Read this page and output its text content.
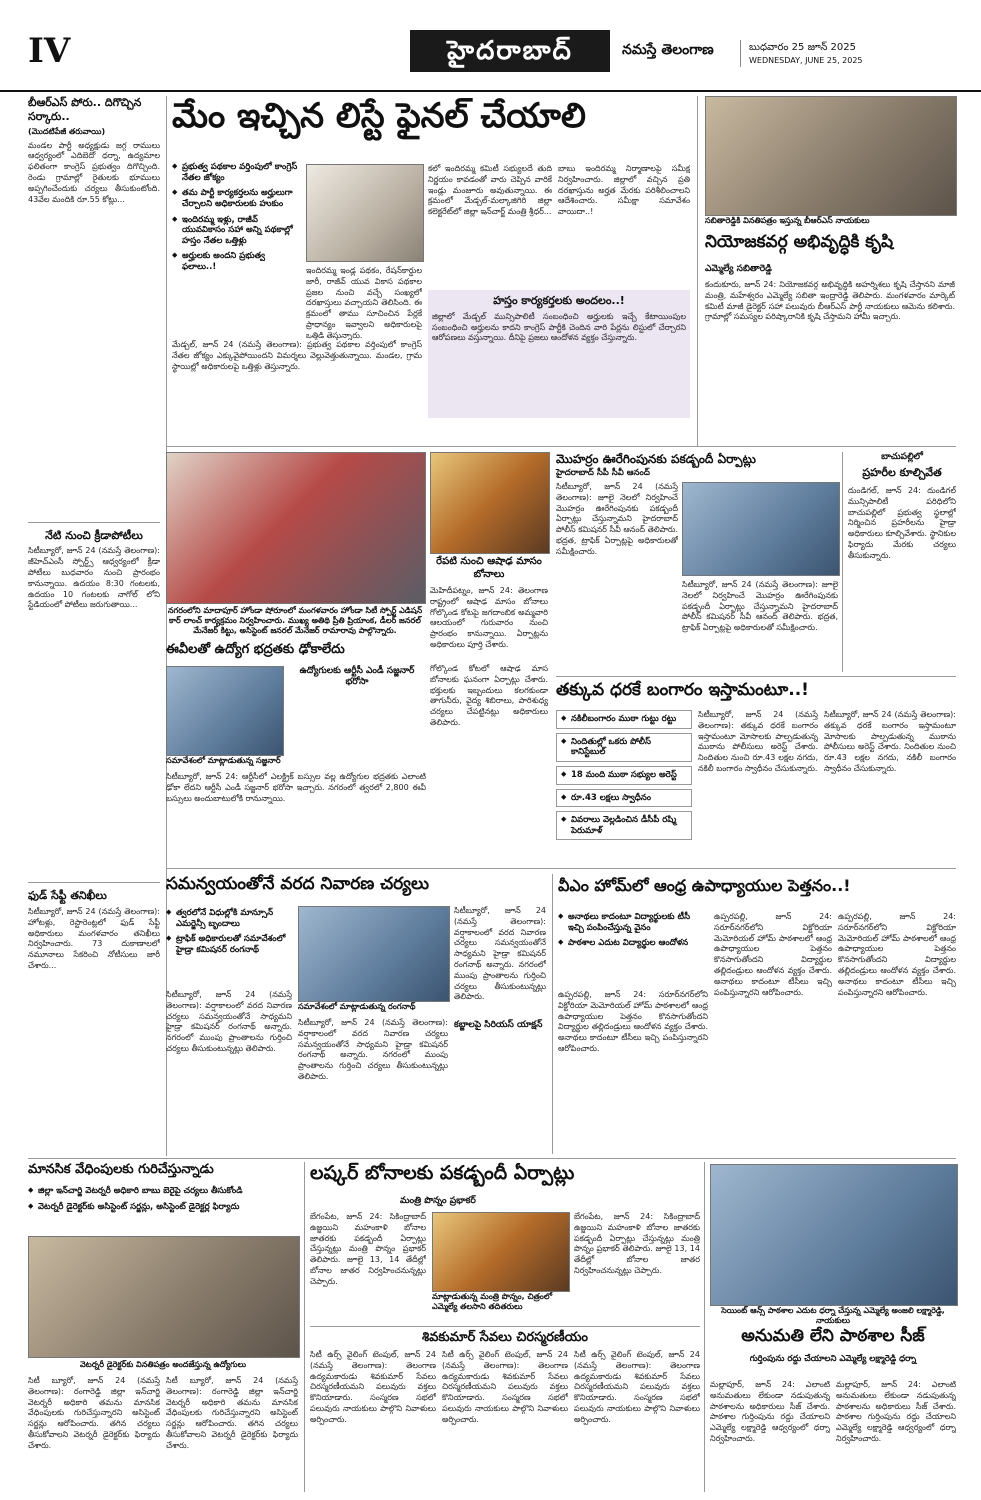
IV	హైదరాబాద్	నమస్తే తెలంగాణ	బుధవారం 25 జూన్ 2025
WEDNESDAY, JUNE 25, 2025
బీఆర్ఎస్ పోరు.. దిగొచ్చిన సర్కారు..
(మొదటిపేజీ తరువాయి)
మండల పార్టీ అధ్యక్షుడు జగ్గ రాములు ఆధ్వర్యంలో ఎదిబెదో ధర్నా, ఉద్యమాల ఫలితంగా కాంగ్రెస్ ప్రభుత్వం దిగొచ్చింది. రెండు గ్రామాల్లో రైతులకు భూములు అప్పగించేందుకు చర్యలు తీసుకుంటోంది. 43వేల మందికి రూ.55 కోట్లు...
నేటి నుంచి క్రీడాపోటీలు
సిటీబ్యూరో, జూన్ 24 (నమస్తే తెలంగాణ): జీహెచ్ఎంసీ స్పోర్ట్స్ ఆధ్వర్యంలో క్రీడా పోటీలు బుధవారం నుంచి ప్రారంభం కానున్నాయి. ఉదయం 8:30 గంటలకు, ఉదయం 10 గంటలకు నాగోల్ లోని స్టేడియంలో పోటీలు జరుగుతాయి...
ఫుడ్ సేఫ్టీ తనిఖీలు
సిటీబ్యూరో, జూన్ 24 (నమస్తే తెలంగాణ): హోటళ్లు, రెస్టారెంట్లలో ఫుడ్ సేఫ్టీ అధికారులు మంగళవారం తనిఖీలు నిర్వహించారు. 73 దుకాణాలలో నమూనాలు సేకరించి నోటీసులు జారీ చేశారు...
మేం ఇచ్చిన లిస్టే ఫైనల్ చేయాలి
◆ ప్రభుత్వ పథకాల వర్తింపులో కాంగ్రెస్ నేతల జోక్యం
◆ తమ పార్టీ కార్యకర్తలను అర్హులుగా చేర్చాలని అధికారులకు హుకుం
◆ ఇందిరమ్మ ఇళ్లు, రాజీవ్ యువవికాసం సహా అన్ని పథకాల్లో హస్తం నేతల ఒత్తిళ్లు
◆ అర్హులకు అందని ప్రభుత్వ ఫలాలు..!	ఇందిరమ్మ ఇండ్ల పథకం, రేషన్‌కార్డుల జారీ, రాజీవ్ యువ వికాస పథకాల ప్రజల నుంచి వచ్చే సంఖ్యలో దరఖాస్తులు వచ్చాయని తెలిసింది. ఈ క్రమంలో తాము సూచించిన పేర్లకే ప్రాధాన్యం ఇవ్వాలని అధికారులపై ఒత్తిడి తెస్తున్నారు.
మేడ్చల్, జూన్ 24 (నమస్తే తెలంగాణ): ప్రభుత్వ పథకాల వర్తింపులో కాంగ్రెస్ నేతల జోక్యం ఎక్కువైపోయిందని విమర్శలు వెల్లువెత్తుతున్నాయి. మండల, గ్రామ స్థాయిల్లో అధికారులపై ఒత్తిళ్లు తెస్తున్నారు.
కలో ఇందిరమ్మ కమిటీ సభ్యులదే తుది నిర్ణయం కావడంతో వారు చెప్పిన వారికే ఇండ్లు మంజూరు అవుతున్నాయి. ఈ క్రమంలో మేడ్చల్-మల్కాజిగిరి జిల్లా కలెక్టరేట్‌లో జిల్లా ఇన్‌చార్జ్ మంత్రి శ్రీధర్...
బాబు ఇందిరమ్మ నిర్మాణాలపై సమీక్ష నిర్వహించారు. జిల్లాలో వచ్చిన ప్రతి దరఖాస్తును అర్హత మేరకు పరిశీలించాలని ఆదేశించారు. సమీక్షా సమావేశం వాయిదా..!
హస్తం కార్యకర్తలకు అందలం..!
జిల్లాలో మేడ్చల్ మున్సిపాలిటీ సంబంధించి అర్హులకు ఇచ్చే కేటాయింపుల సంబంధించి అర్హులను కాదని కాంగ్రెస్ పార్టీకి చెందిన వారి పేర్లను లిస్టులో చేర్చారని ఆరోపణలు వస్తున్నాయి. దీనిపై ప్రజలు ఆందోళన వ్యక్తం చేస్తున్నారు.
సబితారెడ్డికి వినతిపత్రం ఇస్తున్న బీఆర్ఎస్ నాయకులు
నియోజకవర్గ అభివృద్ధికి కృషి
ఎమ్మెల్యే సబితారెడ్డి
కందుకూరు, జూన్ 24: నియోజకవర్గ అభివృద్ధికి అహర్నిశలు కృషి చేస్తానని మాజీ మంత్రి, మహేశ్వరం ఎమ్మెల్యే సబితా ఇంద్రారెడ్డి తెలిపారు. మంగళవారం మార్కెట్ కమిటీ మాజీ డైరెక్టర్ సహా పలువురు బీఆర్ఎస్ పార్టీ నాయకులు ఆమెను కలిశారు. గ్రామాల్లో సమస్యల పరిష్కారానికి కృషి చేస్తామని హామీ ఇచ్చారు.
నగరంలోని మాదాపూర్ హోండా షోరూంలో మంగళవారం హోండా సిటీ స్పోర్ట్ ఎడిషన్ కార్ లాంచ్ కార్యక్రమం నిర్వహించారు. ముఖ్య అతిథి ప్రీతి ప్రియాంక, డీలర్ జనరల్ మేనేజర్ కిట్టు, అసిస్టెంట్ జనరల్ మేనేజర్ రామారావు పాల్గొన్నారు.
రేపటి నుంచి ఆషాఢ మాసం బోనాలు
మెహిదీపట్నం, జూన్ 24: తెలంగాణ రాష్ట్రంలో ఆషాఢ మాసం బోనాలు గోల్కొండ కోటపై జగదాంబిక అమ్మవారి ఆలయంలో గురువారం నుంచి ప్రారంభం కానున్నాయి. ఏర్పాట్లను అధికారులు పూర్తి చేశారు.
మొహర్రం ఊరేగింపునకు పకడ్బందీ ఏర్పాట్లు
హైదరాబాద్ సీపీ సీవీ ఆనంద్
సిటీబ్యూరో, జూన్ 24 (నమస్తే తెలంగాణ): జూలై నెలలో నిర్వహించే మొహర్రం ఊరేగింపునకు పకడ్బందీ ఏర్పాట్లు చేస్తున్నామని హైదరాబాద్ పోలీస్ కమిషనర్ సీవీ ఆనంద్ తెలిపారు. భద్రత, ట్రాఫిక్ ఏర్పాట్లపై అధికారులతో సమీక్షించారు.
సిటీబ్యూరో, జూన్ 24 (నమస్తే తెలంగాణ): జూలై నెలలో నిర్వహించే మొహర్రం ఊరేగింపునకు పకడ్బందీ ఏర్పాట్లు చేస్తున్నామని హైదరాబాద్ పోలీస్ కమిషనర్ సీవీ ఆనంద్ తెలిపారు. భద్రత, ట్రాఫిక్ ఏర్పాట్లపై అధికారులతో సమీక్షించారు.
బాచుపల్లిలో
ప్రహరీల కూల్చివేత
దుండిగల్, జూన్ 24: దుండిగల్ మున్సిపాలిటీ పరిధిలోని బాచుపల్లిలో ప్రభుత్వ స్థలాల్లో నిర్మించిన ప్రహరీలను హైడ్రా అధికారులు కూల్చివేశారు. స్థానికుల ఫిర్యాదు మేరకు చర్యలు తీసుకున్నారు.
ఈవీలతో ఉద్యోగ భద్రతకు ఢోకాలేదు
సమావేశంలో మాట్లాడుతున్న సజ్జనార్
ఉద్యోగులకు ఆర్టీసీ ఎండీ సజ్జనార్ భరోసా
సిటీబ్యూరో, జూన్ 24: ఆర్టీసీలో ఎలక్ట్రిక్ బస్సుల వల్ల ఉద్యోగుల భద్రతకు ఎలాంటి ఢోకా లేదని ఆర్టీసీ ఎండీ సజ్జనార్ భరోసా ఇచ్చారు. నగరంలో త్వరలో 2,800 ఈవీ బస్సులు అందుబాటులోకి రానున్నాయి.
గోల్కొండ కోటలో ఆషాఢ మాస బోనాలకు ఘనంగా ఏర్పాట్లు చేశారు. భక్తులకు ఇబ్బందులు కలగకుండా తాగునీరు, వైద్య శిబిరాలు, పారిశుధ్య చర్యలు చేపట్టినట్లు అధికారులు తెలిపారు.
తక్కువ ధరకే బంగారం ఇస్తామంటూ..!
◆ నకిలీబంగారం ముఠా గుట్టు రట్టు
◆ నిందితుల్లో ఒకరు పోలీస్ కానిస్టేబుల్
◆ 18 మంది ముఠా సభ్యుల అరెస్ట్
◆ రూ.43 లక్షలు స్వాధీనం
◆ వివరాలు వెల్లడించిన డీసీపీ రష్మి పెరుమాళ్
సిటీబ్యూరో, జూన్ 24 (నమస్తే తెలంగాణ): తక్కువ ధరకే బంగారం ఇస్తామంటూ మోసాలకు పాల్పడుతున్న ముఠాను పోలీసులు అరెస్ట్ చేశారు. నిందితుల నుంచి రూ.43 లక్షల నగదు, నకిలీ బంగారం స్వాధీనం చేసుకున్నారు.
సిటీబ్యూరో, జూన్ 24 (నమస్తే తెలంగాణ): తక్కువ ధరకే బంగారం ఇస్తామంటూ మోసాలకు పాల్పడుతున్న ముఠాను పోలీసులు అరెస్ట్ చేశారు. నిందితుల నుంచి రూ.43 లక్షల నగదు, నకిలీ బంగారం స్వాధీనం చేసుకున్నారు.
సమన్వయంతోనే వరద నివారణ చర్యలు
◆ త్వరలోనే విధుల్లోకి మాన్సూన్ ఎమర్జెన్సీ బృందాలు
◆ ట్రాఫిక్ అధికారులతో సమావేశంలో హైడ్రా కమిషనర్ రంగనాథ్
సమావేశంలో మాట్లాడుతున్న రంగనాథ్
సిటీబ్యూరో, జూన్ 24 (నమస్తే తెలంగాణ): వర్షాకాలంలో వరద నివారణ చర్యలు సమన్వయంతోనే సాధ్యమని హైడ్రా కమిషనర్ రంగనాథ్ అన్నారు. నగరంలో ముంపు ప్రాంతాలను గుర్తించి చర్యలు తీసుకుంటున్నట్లు తెలిపారు.
సిటీబ్యూరో, జూన్ 24 (నమస్తే తెలంగాణ): వర్షాకాలంలో వరద నివారణ చర్యలు సమన్వయంతోనే సాధ్యమని హైడ్రా కమిషనర్ రంగనాథ్ అన్నారు. నగరంలో ముంపు ప్రాంతాలను గుర్తించి చర్యలు తీసుకుంటున్నట్లు తెలిపారు.
సిటీబ్యూరో, జూన్ 24 (నమస్తే తెలంగాణ): వర్షాకాలంలో వరద నివారణ చర్యలు సమన్వయంతోనే సాధ్యమని హైడ్రా కమిషనర్ రంగనాథ్ అన్నారు. నగరంలో ముంపు ప్రాంతాలను గుర్తించి చర్యలు తీసుకుంటున్నట్లు తెలిపారు.
కబ్జాలపై సిరియస్ యాక్షన్
వీఎం హోమ్‌లో ఆంధ్ర ఉపాధ్యాయుల పెత్తనం..!
◆ అనాథలు కాదంటూ విద్యార్థులకు టీసీ ఇచ్చి పంపించేస్తున్న వైనం
◆ పాఠశాల ఎదుట విద్యార్థుల ఆందోళన
ఉప్పరపల్లి, జూన్ 24: సరూర్‌నగర్‌లోని విక్టోరియా మెమోరియల్ హోమ్ పాఠశాలలో ఆంధ్ర ఉపాధ్యాయుల పెత్తనం కొనసాగుతోందని విద్యార్థుల తల్లిదండ్రులు ఆందోళన వ్యక్తం చేశారు. అనాథలు కాదంటూ టీసీలు ఇచ్చి పంపిస్తున్నారని ఆరోపించారు.
ఉప్పరపల్లి, జూన్ 24: సరూర్‌నగర్‌లోని విక్టోరియా మెమోరియల్ హోమ్ పాఠశాలలో ఆంధ్ర ఉపాధ్యాయుల పెత్తనం కొనసాగుతోందని విద్యార్థుల తల్లిదండ్రులు ఆందోళన వ్యక్తం చేశారు. అనాథలు కాదంటూ టీసీలు ఇచ్చి పంపిస్తున్నారని ఆరోపించారు.
ఉప్పరపల్లి, జూన్ 24: సరూర్‌నగర్‌లోని విక్టోరియా మెమోరియల్ హోమ్ పాఠశాలలో ఆంధ్ర ఉపాధ్యాయుల పెత్తనం కొనసాగుతోందని విద్యార్థుల తల్లిదండ్రులు ఆందోళన వ్యక్తం చేశారు. అనాథలు కాదంటూ టీసీలు ఇచ్చి పంపిస్తున్నారని ఆరోపించారు.
మానసిక వేధింపులకు గురిచేస్తున్నాడు
◆ జిల్లా ఇన్‌చార్జి వెటర్నరీ అధికారి బాబు బెరైపై చర్యలు తీసుకోండి
◆ వెటర్నరీ డైరెక్టర్‌కు అసిస్టెంట్ సర్జన్లు, అసిస్టెంట్ డైరెక్టర్ల ఫిర్యాదు
వెటర్నరీ డైరెక్టర్‌కు వినతిపత్రం అందజేస్తున్న ఉద్యోగులు
సిటీ బ్యూరో, జూన్ 24 (నమస్తే తెలంగాణ): రంగారెడ్డి జిల్లా ఇన్‌చార్జి వెటర్నరీ అధికారి తమను మానసిక వేధింపులకు గురిచేస్తున్నారని అసిస్టెంట్ సర్జన్లు ఆరోపించారు. తగిన చర్యలు తీసుకోవాలని వెటర్నరీ డైరెక్టర్‌కు ఫిర్యాదు చేశారు.
సిటీ బ్యూరో, జూన్ 24 (నమస్తే తెలంగాణ): రంగారెడ్డి జిల్లా ఇన్‌చార్జి వెటర్నరీ అధికారి తమను మానసిక వేధింపులకు గురిచేస్తున్నారని అసిస్టెంట్ సర్జన్లు ఆరోపించారు. తగిన చర్యలు తీసుకోవాలని వెటర్నరీ డైరెక్టర్‌కు ఫిర్యాదు చేశారు.
లష్కర్ బోనాలకు పకడ్బందీ ఏర్పాట్లు
మంత్రి పొన్నం ప్రభాకర్
బేగంపేట, జూన్ 24: సికింద్రాబాద్ ఉజ్జయిని మహంకాళి బోనాల జాతరకు పకడ్బందీ ఏర్పాట్లు చేస్తున్నట్లు మంత్రి పొన్నం ప్రభాకర్ తెలిపారు. జూలై 13, 14 తేదీల్లో బోనాల జాతర నిర్వహించనున్నట్లు చెప్పారు.
మాట్లాడుతున్న మంత్రి పొన్నం, చిత్రంలో ఎమ్మెల్యే తలసాని తదితరులు
బేగంపేట, జూన్ 24: సికింద్రాబాద్ ఉజ్జయిని మహంకాళి బోనాల జాతరకు పకడ్బందీ ఏర్పాట్లు చేస్తున్నట్లు మంత్రి పొన్నం ప్రభాకర్ తెలిపారు. జూలై 13, 14 తేదీల్లో బోనాల జాతర నిర్వహించనున్నట్లు చెప్పారు.
శివకుమార్ సేవలు చిరస్మరణీయం
సిటీ ఉర్స్ వైలింగ్ టెంపుల్, జూన్ 24 (నమస్తే తెలంగాణ): తెలంగాణ ఉద్యమకారుడు శివకుమార్ సేవలు చిరస్మరణీయమని పలువురు వక్తలు కొనియాడారు. సంస్మరణ సభలో పలువురు నాయకులు పాల్గొని నివాళులు అర్పించారు.
సిటీ ఉర్స్ వైలింగ్ టెంపుల్, జూన్ 24 (నమస్తే తెలంగాణ): తెలంగాణ ఉద్యమకారుడు శివకుమార్ సేవలు చిరస్మరణీయమని పలువురు వక్తలు కొనియాడారు. సంస్మరణ సభలో పలువురు నాయకులు పాల్గొని నివాళులు అర్పించారు.
సిటీ ఉర్స్ వైలింగ్ టెంపుల్, జూన్ 24 (నమస్తే తెలంగాణ): తెలంగాణ ఉద్యమకారుడు శివకుమార్ సేవలు చిరస్మరణీయమని పలువురు వక్తలు కొనియాడారు. సంస్మరణ సభలో పలువురు నాయకులు పాల్గొని నివాళులు అర్పించారు.
సెయింట్ ఆన్స్ పాఠశాల ఎదుట ధర్నా చేస్తున్న ఎమ్మెల్యే అంజలి లక్ష్మారెడ్డి, నాయకులు
అనుమతి లేని పాఠశాల సీజ్
గుర్తింపును రద్దు చేయాలని ఎమ్మెల్యే లక్ష్మారెడ్డి ధర్నా
మల్లాపూర్, జూన్ 24: ఎలాంటి అనుమతులు లేకుండా నడుపుతున్న పాఠశాలను అధికారులు సీజ్ చేశారు. పాఠశాల గుర్తింపును రద్దు చేయాలని ఎమ్మెల్యే లక్ష్మారెడ్డి ఆధ్వర్యంలో ధర్నా నిర్వహించారు.
మల్లాపూర్, జూన్ 24: ఎలాంటి అనుమతులు లేకుండా నడుపుతున్న పాఠశాలను అధికారులు సీజ్ చేశారు. పాఠశాల గుర్తింపును రద్దు చేయాలని ఎమ్మెల్యే లక్ష్మారెడ్డి ఆధ్వర్యంలో ధర్నా నిర్వహించారు.
